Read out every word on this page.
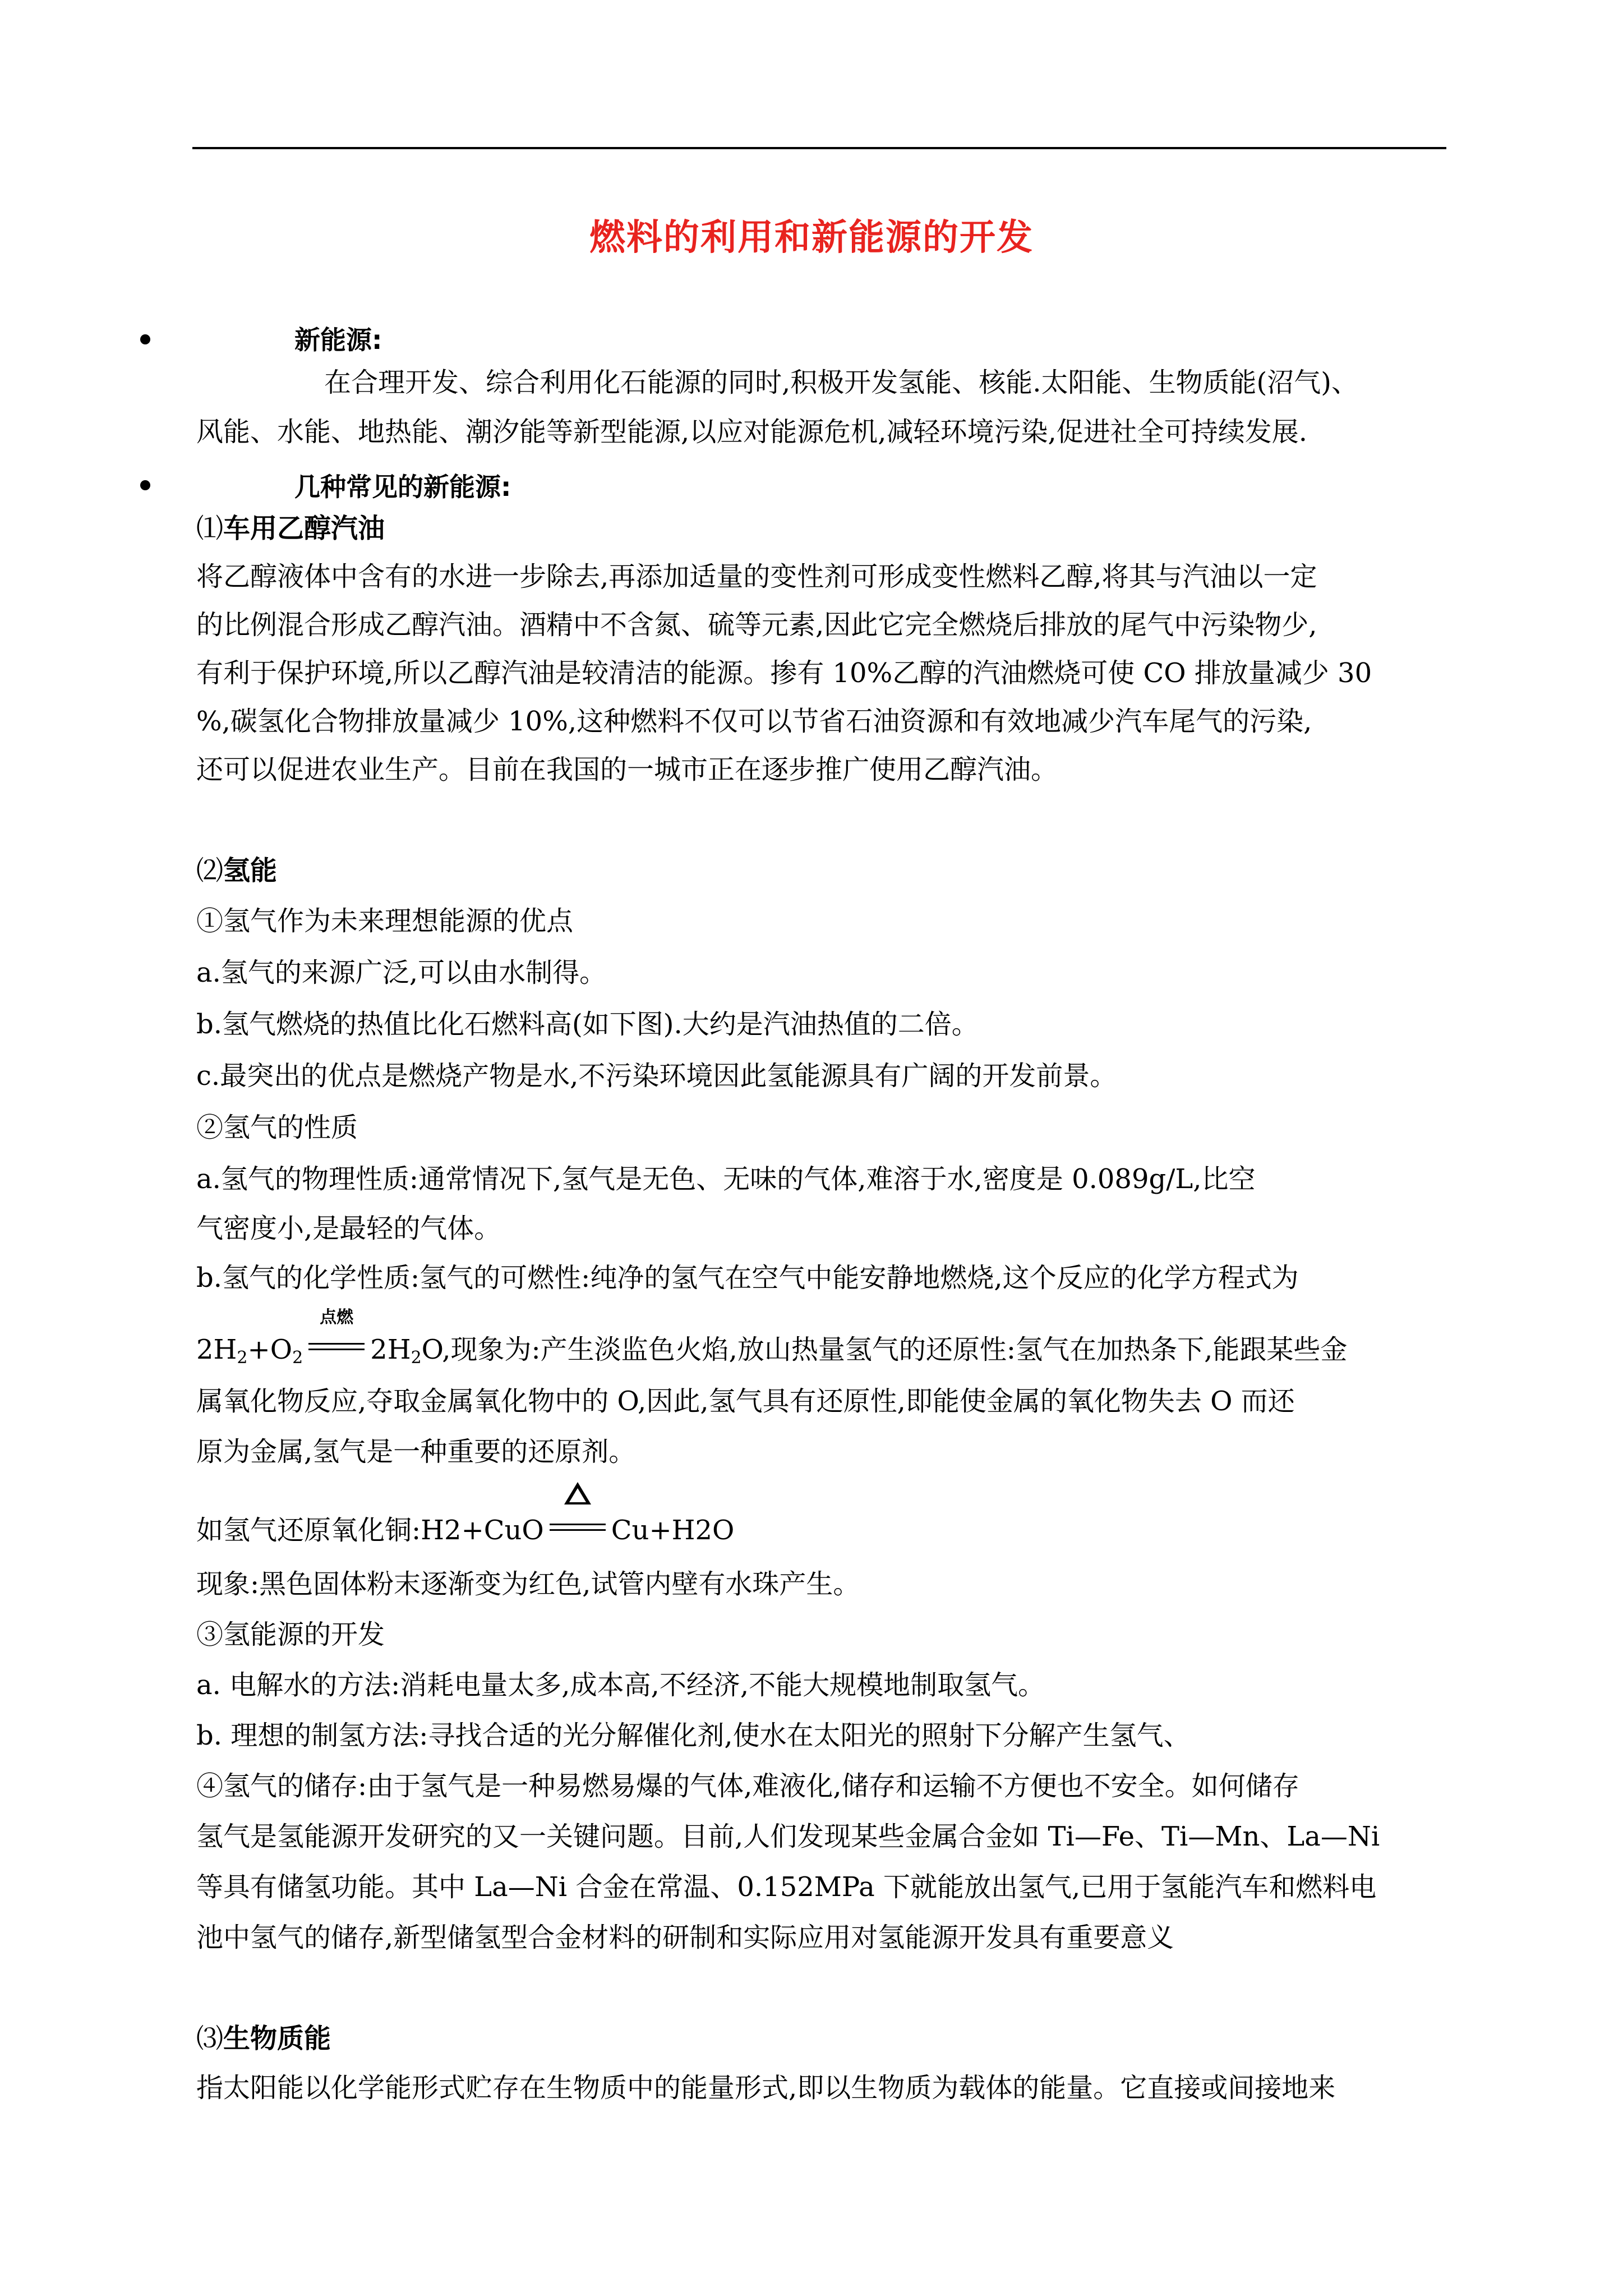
燃料的利用和新能源的开发
新能源:
在合理开发、综合利用化石能源的同时,积极开发氢能、核能.太阳能、生物质能(沼气)、
风能、水能、地热能、潮汐能等新型能源,以应对能源危机,减轻环境污染,促进社全可持续发展.
几种常见的新能源:
⑴车用乙醇汽油
将乙醇液体中含有的水进一步除去,再添加适量的变性剂可形成变性燃料乙醇,将其与汽油以一定
的比例混合形成乙醇汽油。酒精中不含氮、硫等元素,因此它完全燃烧后排放的尾气中污染物少,
有利于保护环境,所以乙醇汽油是较清洁的能源。掺有 10%乙醇的汽油燃烧可使 CO 排放量减少 30
%,碳氢化合物排放量减少 10%,这种燃料不仅可以节省石油资源和有效地减少汽车尾气的污染,
还可以促进农业生产。目前在我国的一城市正在逐步推广使用乙醇汽油。
⑵氢能
①氢气作为未来理想能源的优点
a.氢气的来源广泛,可以由水制得。
b.氢气燃烧的热值比化石燃料高(如下图).大约是汽油热值的二倍。
c.最突出的优点是燃烧产物是水,不污染环境因此氢能源具有广阔的开发前景。
②氢气的性质
a.氢气的物理性质:通常情况下,氢气是无色、无味的气体,难溶于水,密度是 0.089g/L,比空
气密度小,是最轻的气体。
b.氢气的化学性质:氢气的可燃性:纯净的氢气在空气中能安静地燃烧,这个反应的化学方程式为
$2H_2+O_2$
点燃
$2H_2O$,现象为:产生淡监色火焰,放山热量氢气的还原性:氢气在加热条下,能跟某些金
属氧化物反应,夺取金属氧化物中的 O,因此,氢气具有还原性,即能使金属的氧化物失去 O 而还
原为金属,氢气是一种重要的还原剂。
如氢气还原氧化铜:H2+CuO	Cu+H2O
现象:黑色固体粉末逐渐变为红色,试管内壁有水珠产生。
③氢能源的开发
a. 电解水的方法:消耗电量太多,成本高,不经济,不能大规模地制取氢气。
b. 理想的制氢方法:寻找合适的光分解催化剂,使水在太阳光的照射下分解产生氢气、
④氢气的储存:由于氢气是一种易燃易爆的气体,难液化,储存和运输不方便也不安全。如何储存
氢气是氢能源开发研究的又一关键问题。目前,人们发现某些金属合金如 Ti—Fe、Ti—Mn、La—Ni
等具有储氢功能。其中 La—Ni 合金在常温、0.152MPa 下就能放出氢气,已用于氢能汽车和燃料电
池中氢气的储存,新型储氢型合金材料的研制和实际应用对氢能源开发具有重要意义
⑶生物质能
指太阳能以化学能形式贮存在生物质中的能量形式,即以生物质为载体的能量。它直接或间接地来
